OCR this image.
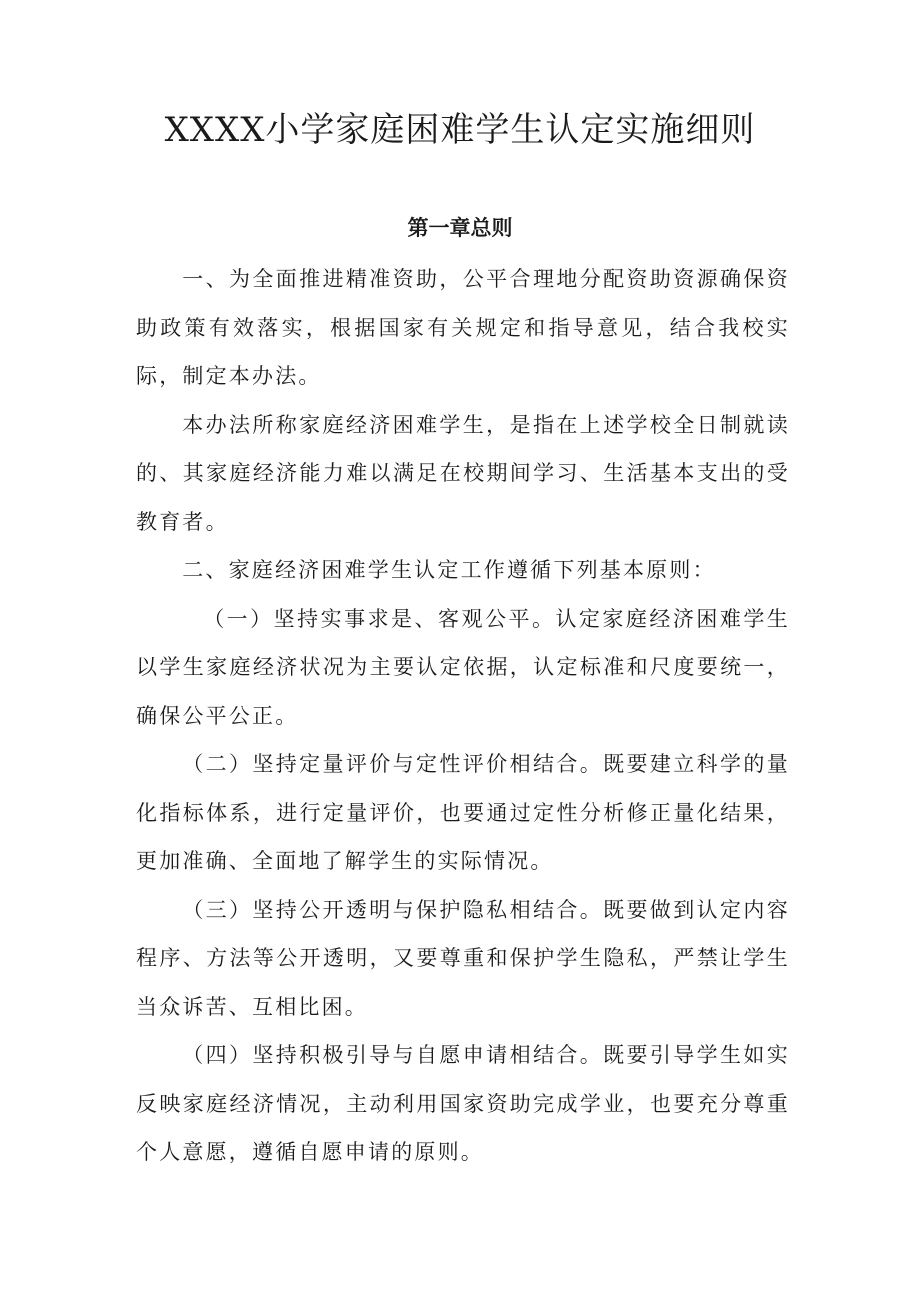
XXXX小学家庭困难学生认定实施细则
第一章总则

一、为全面推进精准资助，公平合理地分配资助资源确保资助政策有效落实，根据国家有关规定和指导意见，结合我校实际，制定本办法。

本办法所称家庭经济困难学生，是指在上述学校全日制就读的、其家庭经济能力难以满足在校期间学习、生活基本支出的受教育者。

二、家庭经济困难学生认定工作遵循下列基本原则：

（一）坚持实事求是、客观公平。认定家庭经济困难学生以学生家庭经济状况为主要认定依据，认定标准和尺度要统一，确保公平公正。

（二）坚持定量评价与定性评价相结合。既要建立科学的量化指标体系，进行定量评价，也要通过定性分析修正量化结果，更加准确、全面地了解学生的实际情况。

（三）坚持公开透明与保护隐私相结合。既要做到认定内容程序、方法等公开透明，又要尊重和保护学生隐私，严禁让学生当众诉苦、互相比困。

（四）坚持积极引导与自愿申请相结合。既要引导学生如实反映家庭经济情况，主动利用国家资助完成学业，也要充分尊重个人意愿，遵循自愿申请的原则。
